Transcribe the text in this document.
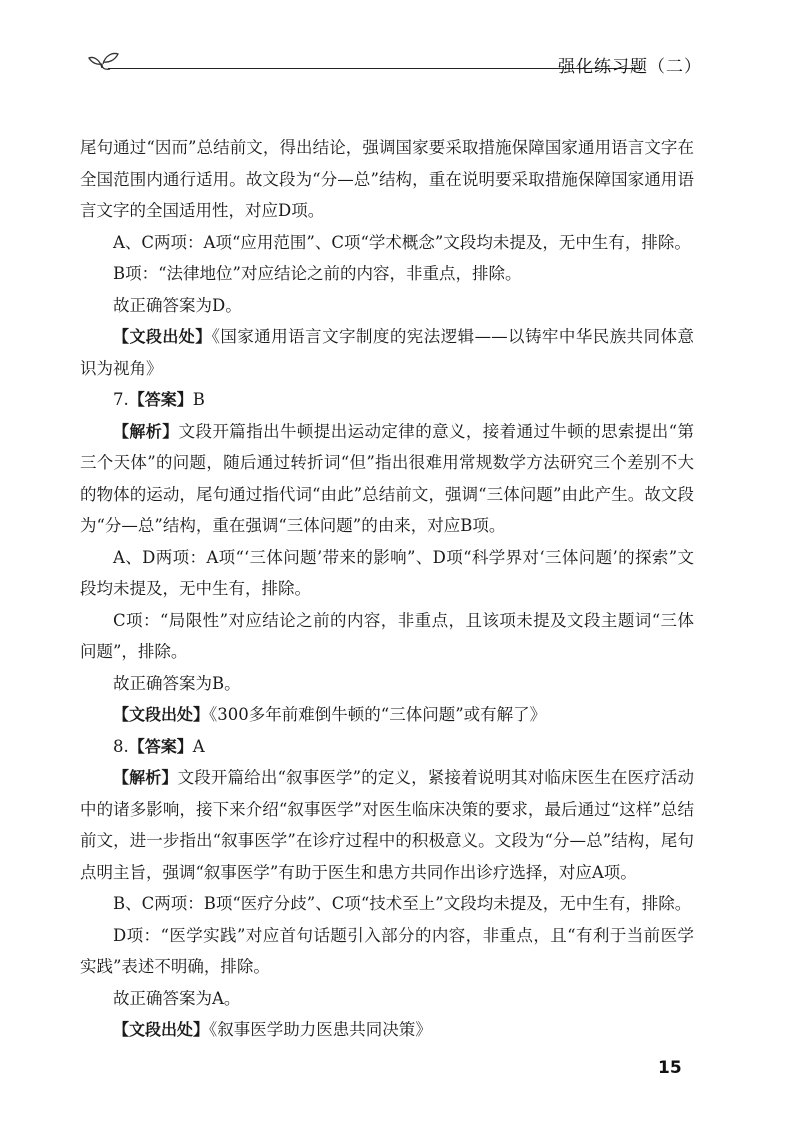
强化练习题（二）

尾句通过“因而”总结前文，得出结论，强调国家要采取措施保障国家通用语言文字在全国范围内通行适用。故文段为“分—总”结构，重在说明要采取措施保障国家通用语言文字的全国适用性，对应D项。

A、C两项：A项“应用范围”、C项“学术概念”文段均未提及，无中生有，排除。

B项：“法律地位”对应结论之前的内容，非重点，排除。

故正确答案为D。

【文段出处】《国家通用语言文字制度的宪法逻辑——以铸牢中华民族共同体意识为视角》

7.【答案】B

【解析】文段开篇指出牛顿提出运动定律的意义，接着通过牛顿的思索提出“第三个天体”的问题，随后通过转折词“但”指出很难用常规数学方法研究三个差别不大的物体的运动，尾句通过指代词“由此”总结前文，强调“三体问题”由此产生。故文段为“分—总”结构，重在强调“三体问题”的由来，对应B项。

A、D两项：A项“‘三体问题’带来的影响”、D项“科学界对‘三体问题’的探索”文段均未提及，无中生有，排除。

C项：“局限性”对应结论之前的内容，非重点，且该项未提及文段主题词“三体问题”，排除。

故正确答案为B。

【文段出处】《300多年前难倒牛顿的“三体问题”或有解了》

8.【答案】A

【解析】文段开篇给出“叙事医学”的定义，紧接着说明其对临床医生在医疗活动中的诸多影响，接下来介绍“叙事医学”对医生临床决策的要求，最后通过“这样”总结前文，进一步指出“叙事医学”在诊疗过程中的积极意义。文段为“分—总”结构，尾句点明主旨，强调“叙事医学”有助于医生和患方共同作出诊疗选择，对应A项。

B、C两项：B项“医疗分歧”、C项“技术至上”文段均未提及，无中生有，排除。

D项：“医学实践”对应首句话题引入部分的内容，非重点，且“有利于当前医学实践”表述不明确，排除。

故正确答案为A。

【文段出处】《叙事医学助力医患共同决策》

15
